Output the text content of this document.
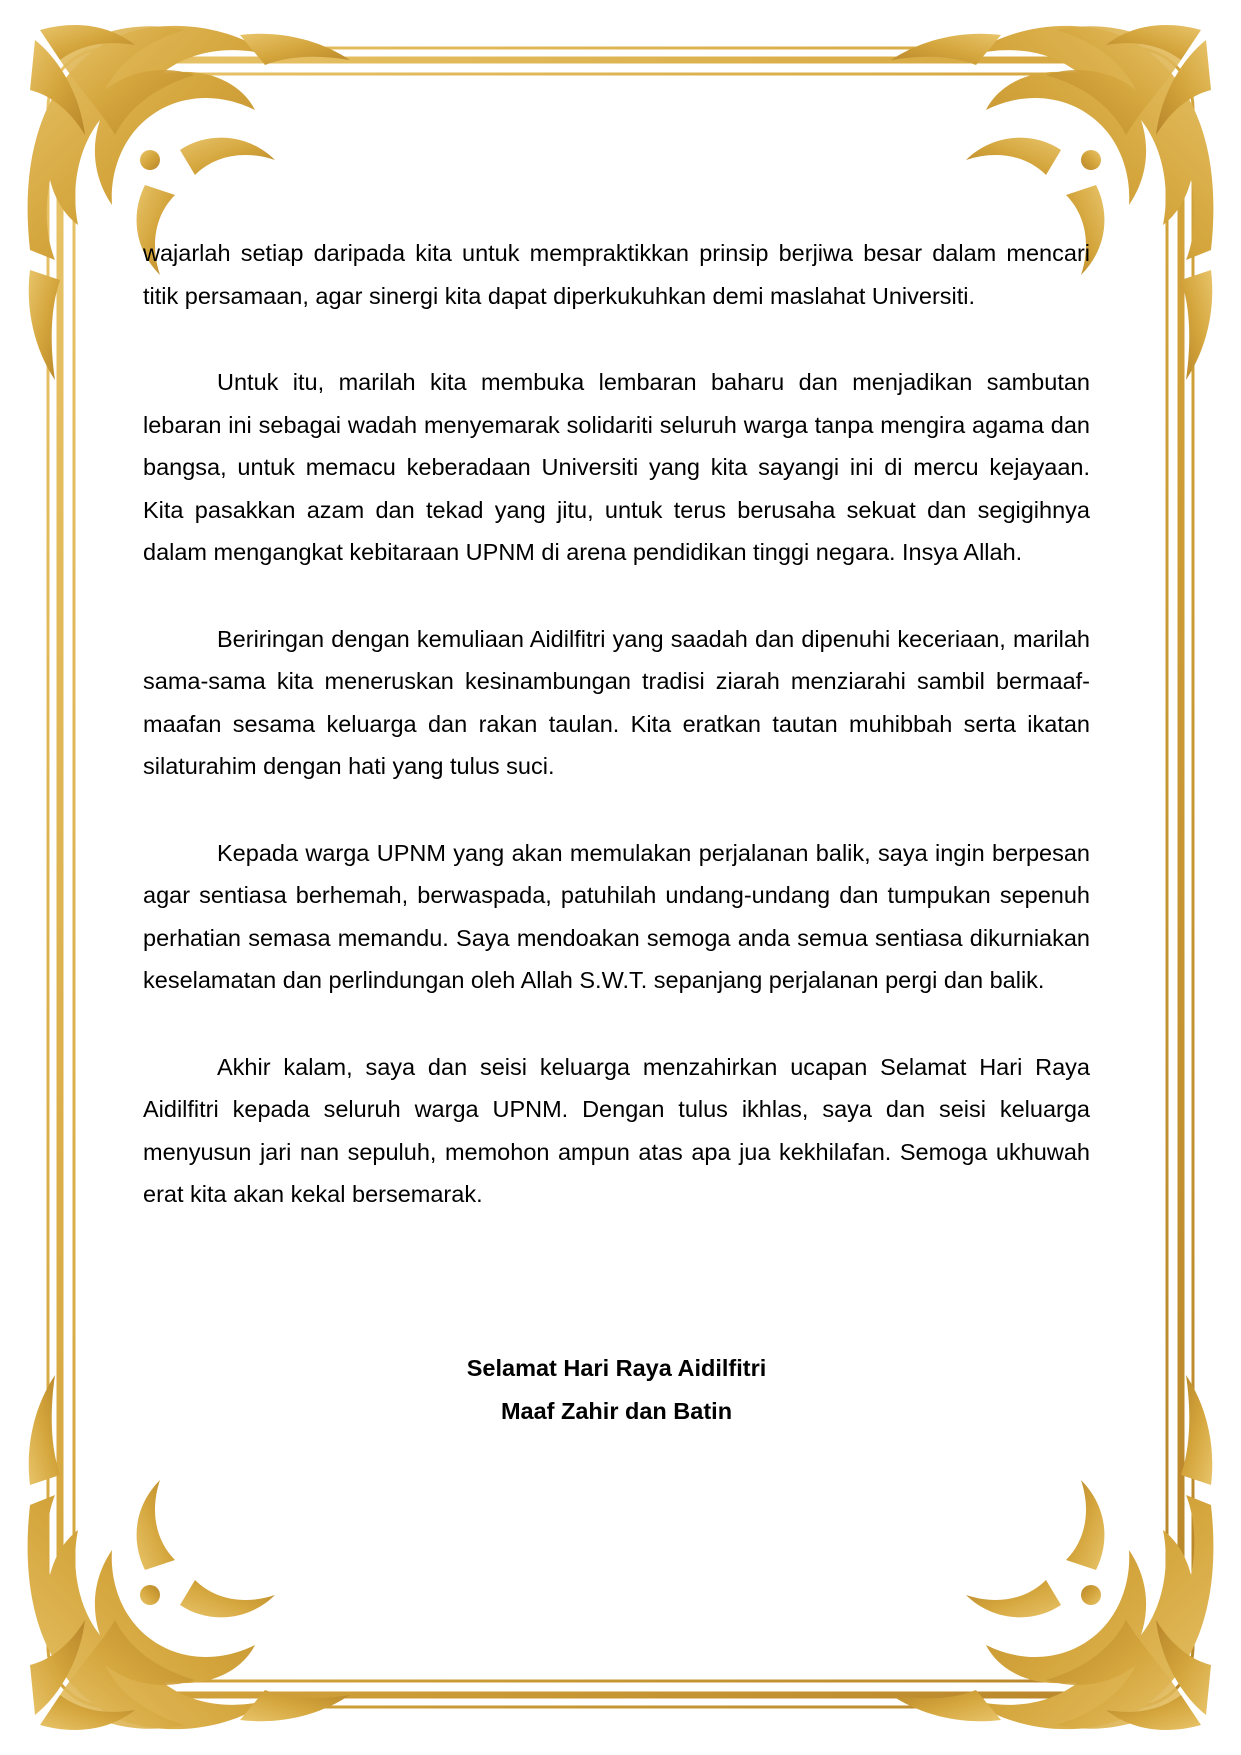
wajarlah setiap daripada kita untuk mempraktikkan prinsip berjiwa besar dalam mencari titik persamaan, agar sinergi kita dapat diperkukuhkan demi maslahat Universiti.

Untuk itu, marilah kita membuka lembaran baharu dan menjadikan sambutan lebaran ini sebagai wadah menyemarak solidariti seluruh warga tanpa mengira agama dan bangsa, untuk memacu keberadaan Universiti yang kita sayangi ini di mercu kejayaan. Kita pasakkan azam dan tekad yang jitu, untuk terus berusaha sekuat dan segigihnya dalam mengangkat kebitaraan UPNM di arena pendidikan tinggi negara. Insya Allah.

Beriringan dengan kemuliaan Aidilfitri yang saadah dan dipenuhi keceriaan, marilah sama-sama kita meneruskan kesinambungan tradisi ziarah menziarahi sambil bermaaf-maafan sesama keluarga dan rakan taulan. Kita eratkan tautan muhibbah serta ikatan silaturahim dengan hati yang tulus suci.

Kepada warga UPNM yang akan memulakan perjalanan balik, saya ingin berpesan agar sentiasa berhemah, berwaspada, patuhilah undang-undang dan tumpukan sepenuh perhatian semasa memandu. Saya mendoakan semoga anda semua sentiasa dikurniakan keselamatan dan perlindungan oleh Allah S.W.T. sepanjang perjalanan pergi dan balik.

Akhir kalam, saya dan seisi keluarga menzahirkan ucapan Selamat Hari Raya Aidilfitri kepada seluruh warga UPNM. Dengan tulus ikhlas, saya dan seisi keluarga menyusun jari nan sepuluh, memohon ampun atas apa jua kekhilafan. Semoga ukhuwah erat kita akan kekal bersemarak.

Selamat Hari Raya Aidilfitri
Maaf Zahir dan Batin
